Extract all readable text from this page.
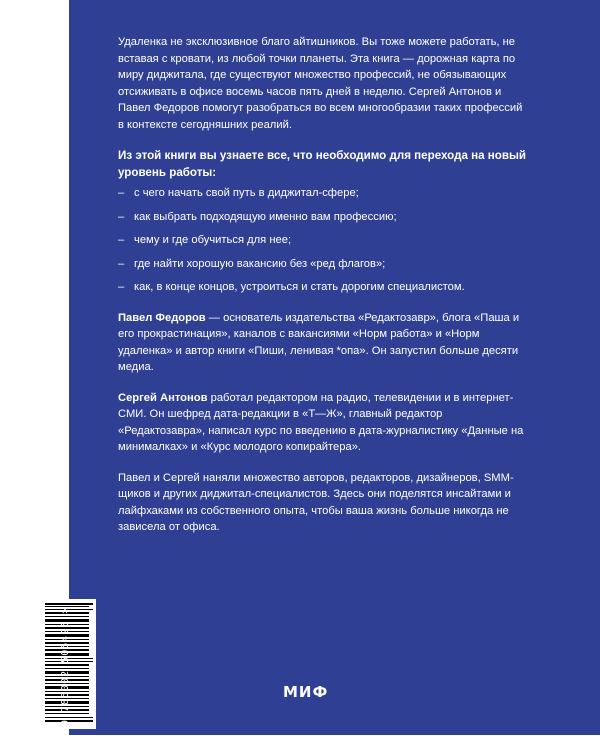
Удаленка не эксклюзивное благо айтишников. Вы тоже можете работать, не вставая с кровати, из любой точки планеты. Эта книга — дорожная карта по миру диджитала, где существуют множество профессий, не обязывающих отсиживать в офисе восемь часов пять дней в неделю. Сергей Антонов и Павел Федоров помогут разобраться во всем многообразии таких профессий в контексте сегодняшних реалий.

Из этой книги вы узнаете все, что необходимо для перехода на новый уровень работы:

– с чего начать свой путь в диджитал-сфере;
– как выбрать подходящую именно вам профессию;
– чему и где обучиться для нее;
– где найти хорошую вакансию без «ред флагов»;
– как, в конце концов, устроиться и стать дорогим специалистом.

Павел Федоров — основатель издательства «Редактозавр», блога «Паша и его прокрастинация», каналов с вакансиями «Норм работа» и «Норм удаленка» и автор книги «Пиши, ленивая *опа». Он запустил больше десяти медиа.

Сергей Антонов работал редактором на радио, телевидении и в интернет-СМИ. Он шефред дата-редакции в «Т—Ж», главный редактор «Редактозавра», написал курс по введению в дата-журналистику «Данные на минималках» и «Курс молодого копирайтера».

Павел и Сергей наняли множество авторов, редакторов, дизайнеров, SMM-щиков и других диджитал-специалистов. Здесь они поделятся инсайтами и лайфхаками из собственного опыта, чтобы ваша жизнь больше никогда не зависела от офиса.

9 785002 505425 >	МИФ
